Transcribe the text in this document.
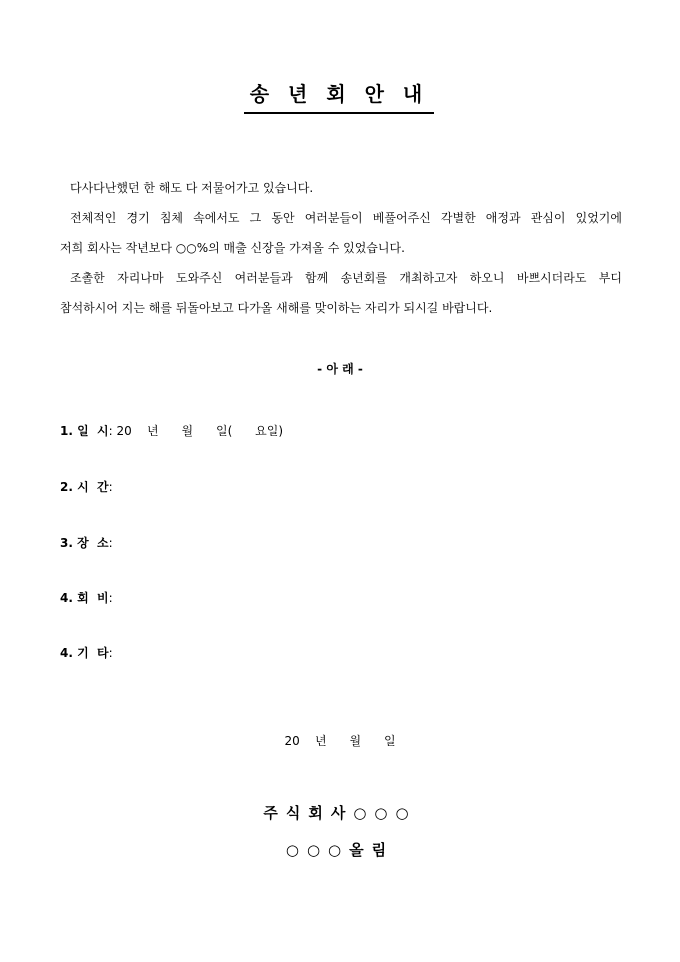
송 년 회 안 내
다사다난했던 한 해도 다 저물어가고 있습니다.
전체적인 경기 침체 속에서도 그 동안 여러분들이 베풀어주신 각별한 애정과 관심이 있었기에
저희 회사는 작년보다 ○○%의 매출 신장을 가져올 수 있었습니다.
조촐한 자리나마 도와주신 여러분들과 함께 송년회를 개최하고자 하오니 바쁘시더라도 부디
참석하시어 지는 해를 뒤돌아보고 다가올 새해를 맞이하는 자리가 되시길 바랍니다.
- 아 래 -
1. 일  시: 20    년      월      일(      요일)
2. 시  간:
3. 장  소:
4. 회  비:
4. 기  타:
20    년      월      일
주식회사○○○
○○○올림
